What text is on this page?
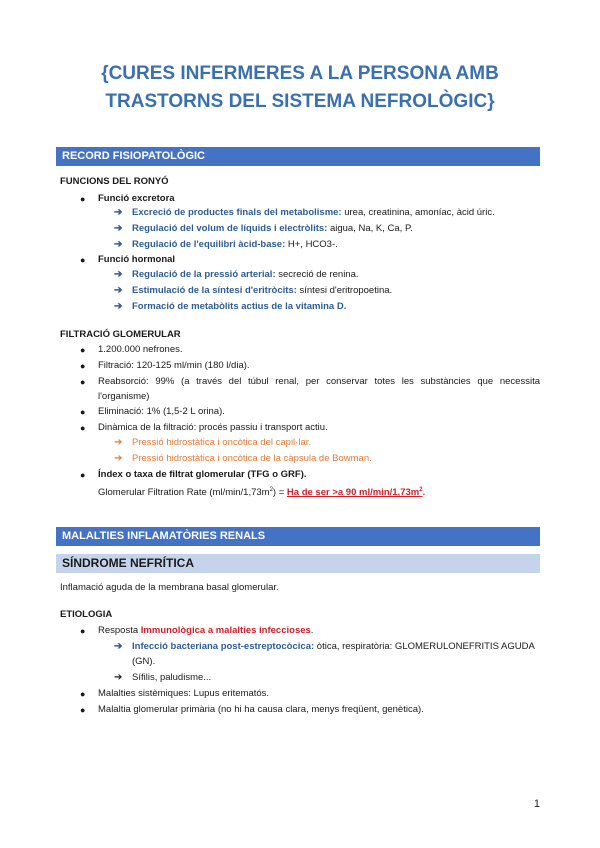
{CURES INFERMERES A LA PERSONA AMB
TRASTORNS DEL SISTEMA NEFROLÒGIC}
RECORD FISIOPATOLÒGIC
FUNCIONS DEL RONYÓ
● Funció excretora
➔ Excreció de productes finals del metabolisme: urea, creatinina, amoníac, àcid úric.
➔ Regulació del volum de líquids i electròlits: aigua, Na, K, Ca, P.
➔ Regulació de l'equilibri àcid-base: H+, HCO3-.
● Funció hormonal
➔ Regulació de la pressió arterial: secreció de renina.
➔ Estimulació de la síntesi d'eritròcits: síntesi d'eritropoetina.
➔ Formació de metabòlits actius de la vitamina D.
FILTRACIÓ GLOMERULAR
● 1.200.000 nefrones.
● Filtració: 120-125 ml/min (180 l/dia).
● Reabsorció: 99% (a través del túbul renal, per conservar totes les substàncies que necessita
l'organisme)
● Eliminació: 1% (1,5-2 L orina).
● Dinàmica de la filtració: procés passiu i transport actiu.
➔ Pressió hidrostàtica i oncòtica del capil·lar.
➔ Pressió hidrostàtica i oncòtica de la càpsula de Bowman.
● Índex o taxa de filtrat glomerular (TFG o GRF).
Glomerular Filtration Rate $(ml/\min/1,73m^2) = Ha$ de ser >a 90 $ml/\min/1,73m^2$.
MALALTIES INFLAMATÒRIES RENALS
SÍNDROME NEFRÍTICA
Inflamació aguda de la membrana basal glomerular.
ETIOLOGIA
● Resposta Immunològica a malalties infeccioses.
➔ Infecció bacteriana post-estreptocòcica: òtica, respiratòria: GLOMERULONEFRITIS AGUDA
(GN).
➔ Sífilis, paludisme...
● Malalties sistèmiques: Lupus eritematós.
● Malaltia glomerular primària (no hi ha causa clara, menys freqüent, genètica).
1
